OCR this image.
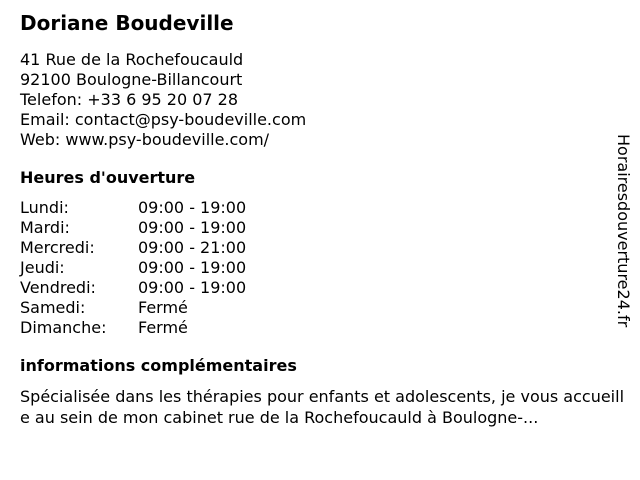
Doriane Boudeville
41 Rue de la Rochefoucauld
92100 Boulogne-Billancourt
Telefon: +33 6 95 20 07 28
Email: contact@psy-boudeville.com
Web: www.psy-boudeville.com/
Heures d'ouverture
Lundi:	09:00 - 19:00
Mardi:	09:00 - 19:00
Mercredi:	09:00 - 21:00
Jeudi:	09:00 - 19:00
Vendredi:	09:00 - 19:00
Samedi:	Fermé
Dimanche:	Fermé
informations complémentaires
Spécialisée dans les thérapies pour enfants et adolescents, je vous accueille au sein de mon cabinet rue de la Rochefoucauld à Boulogne-...
Horairesdouverture24.fr
